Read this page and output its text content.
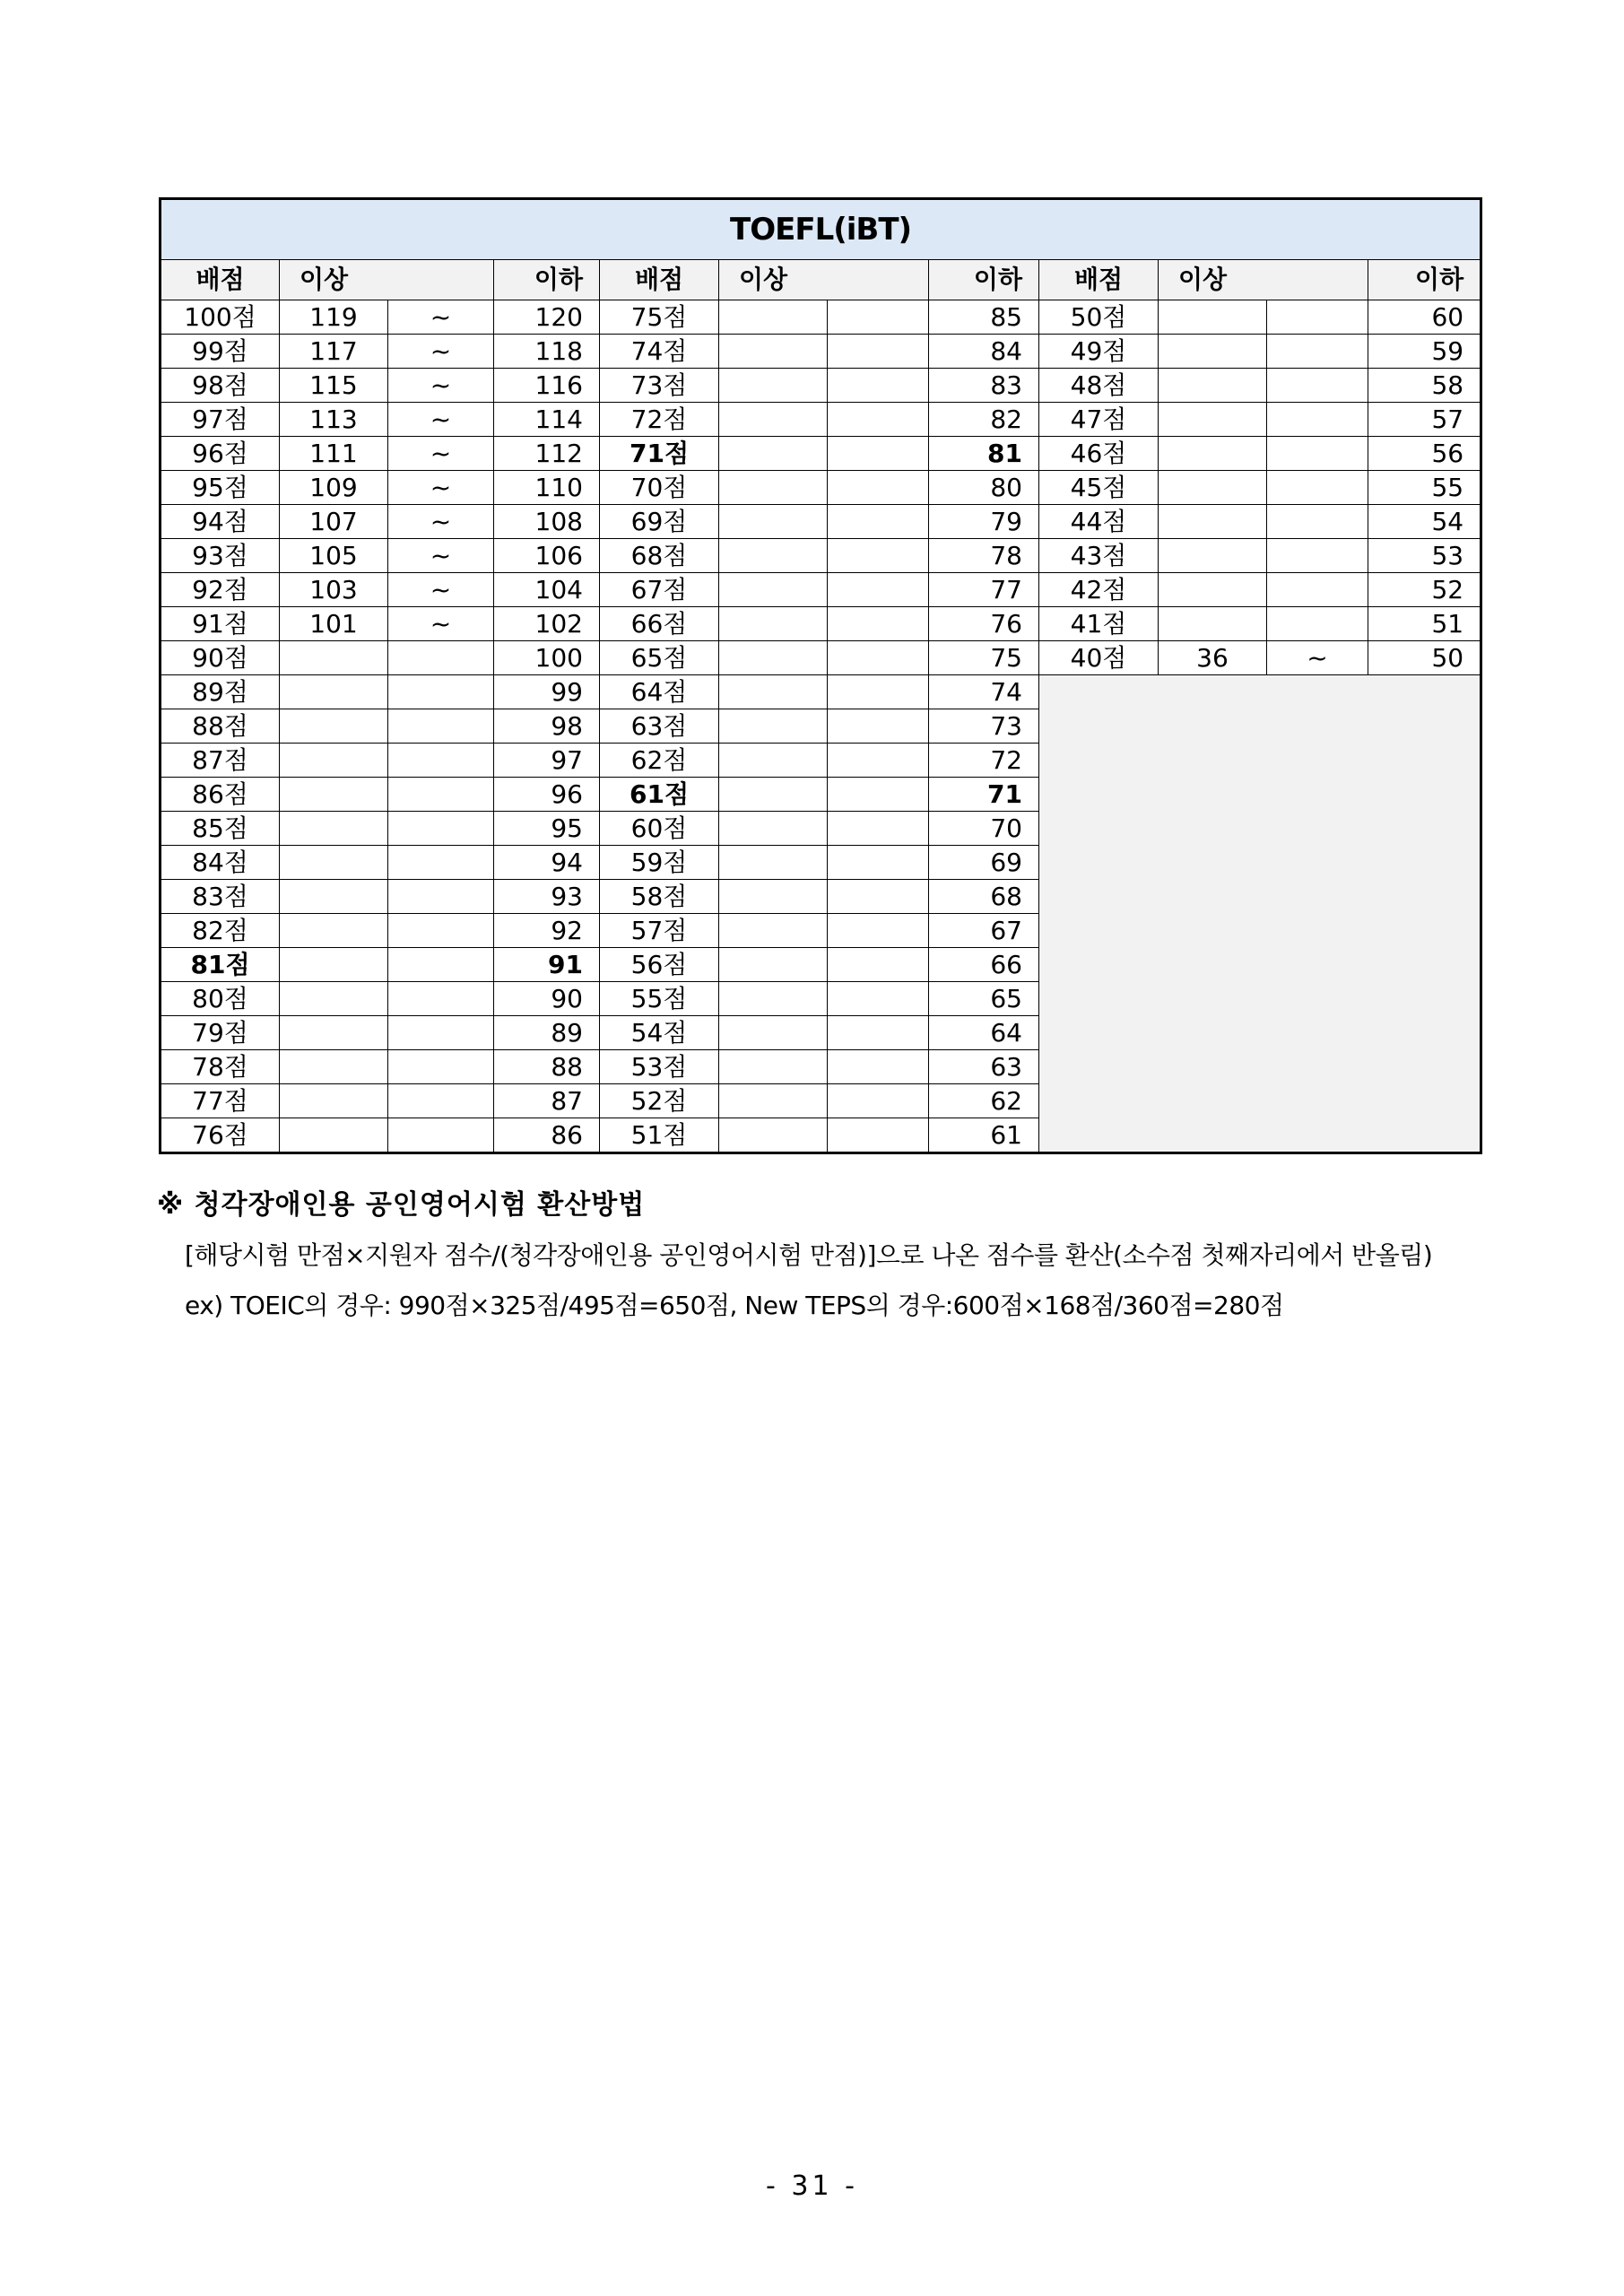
TOEFL(iBT)											
배점	이상		이하	배점	이상		이하	배점	이상		이하
100점	119	~	120	75점			85	50점			60
99점	117	~	118	74점			84	49점			59
98점	115	~	116	73점			83	48점			58
97점	113	~	114	72점			82	47점			57
96점	111	~	112	71점			81	46점			56
95점	109	~	110	70점			80	45점			55
94점	107	~	108	69점			79	44점			54
93점	105	~	106	68점			78	43점			53
92점	103	~	104	67점			77	42점			52
91점	101	~	102	66점			76	41점			51
90점			100	65점			75	40점	36	~	50
89점			99	64점			74				
88점			98	63점			73				
87점			97	62점			72				
86점			96	61점			71				
85점			95	60점			70				
84점			94	59점			69				
83점			93	58점			68				
82점			92	57점			67				
81점			91	56점			66				
80점			90	55점			65				
79점			89	54점			64				
78점			88	53점			63				
77점			87	52점			62				
76점			86	51점			61				
※ 청각장애인용 공인영어시험 환산방법
[해당시험 만점×지원자 점수/(청각장애인용 공인영어시험 만점)]으로 나온 점수를 환산(소수점 첫째자리에서 반올림)
ex) TOEIC의 경우: 990점×325점/495점=650점, New TEPS의 경우:600점×168점/360점=280점
- 31 -
